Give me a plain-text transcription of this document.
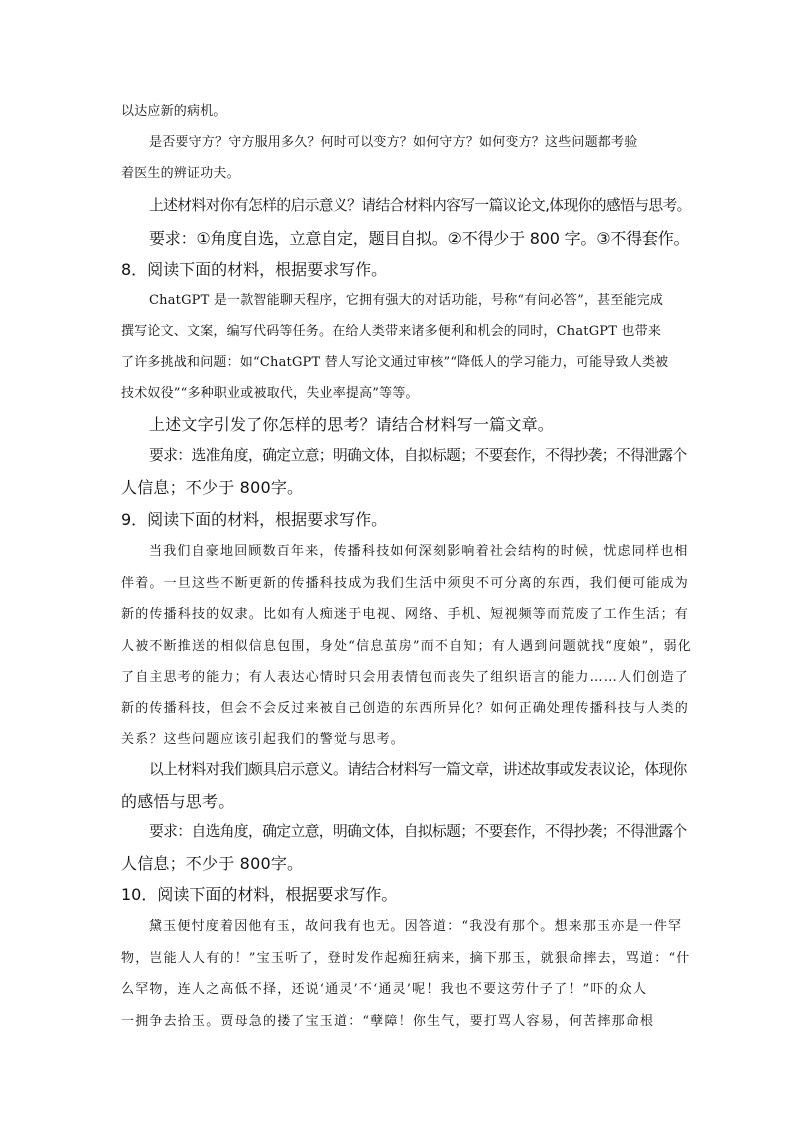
以达应新的病机。
是否要守方？守方服用多久？何时可以变方？如何守方？如何变方？这些问题都考验
着医生的辨证功夫。
上述材料对你有怎样的启示意义？请结合材料内容写一篇议论文,体现你的感悟与思考。
要求：①角度自选，立意自定，题目自拟。②不得少于 800 字。③不得套作。
8．阅读下面的材料，根据要求写作。
ChatGPT 是一款智能聊天程序，它拥有强大的对话功能，号称“有问必答”，甚至能完成
撰写论文、文案，编写代码等任务。在给人类带来诸多便利和机会的同时，ChatGPT 也带来
了许多挑战和问题：如“ChatGPT 替人写论文通过审核”“降低人的学习能力，可能导致人类被
技术奴役”“多种职业或被取代，失业率提高”等等。
上述文字引发了你怎样的思考？请结合材料写一篇文章。
要求：选准角度，确定立意；明确文体，自拟标题；不要套作，不得抄袭；不得泄露个
人信息；不少于 800字。
9．阅读下面的材料，根据要求写作。
当我们自豪地回顾数百年来，传播科技如何深刻影响着社会结构的时候，忧虑同样也相
伴着。一旦这些不断更新的传播科技成为我们生活中须臾不可分离的东西，我们便可能成为
新的传播科技的奴隶。比如有人痴迷于电视、网络、手机、短视频等而荒废了工作生活；有
人被不断推送的相似信息包围，身处“信息茧房”而不自知；有人遇到问题就找“度娘”，弱化
了自主思考的能力；有人表达心情时只会用表情包而丧失了组织语言的能力……人们创造了
新的传播科技，但会不会反过来被自己创造的东西所异化？如何正确处理传播科技与人类的
关系？这些问题应该引起我们的警觉与思考。
以上材料对我们颇具启示意义。请结合材料写一篇文章，讲述故事或发表议论，体现你
的感悟与思考。
要求：自选角度，确定立意，明确文体，自拟标题；不要套作，不得抄袭；不得泄露个
人信息；不少于 800字。
10．阅读下面的材料，根据要求写作。
黛玉便忖度着因他有玉，故问我有也无。因答道：“我没有那个。想来那玉亦是一件罕
物，岂能人人有的！”宝玉听了，登时发作起痴狂病来，摘下那玉，就狠命摔去，骂道：“什
么罕物，连人之高低不择，还说‘通灵’不‘通灵’呢！我也不要这劳什子了！”吓的众人
一拥争去拾玉。贾母急的搂了宝玉道：“孽障！你生气，要打骂人容易，何苦摔那命根
